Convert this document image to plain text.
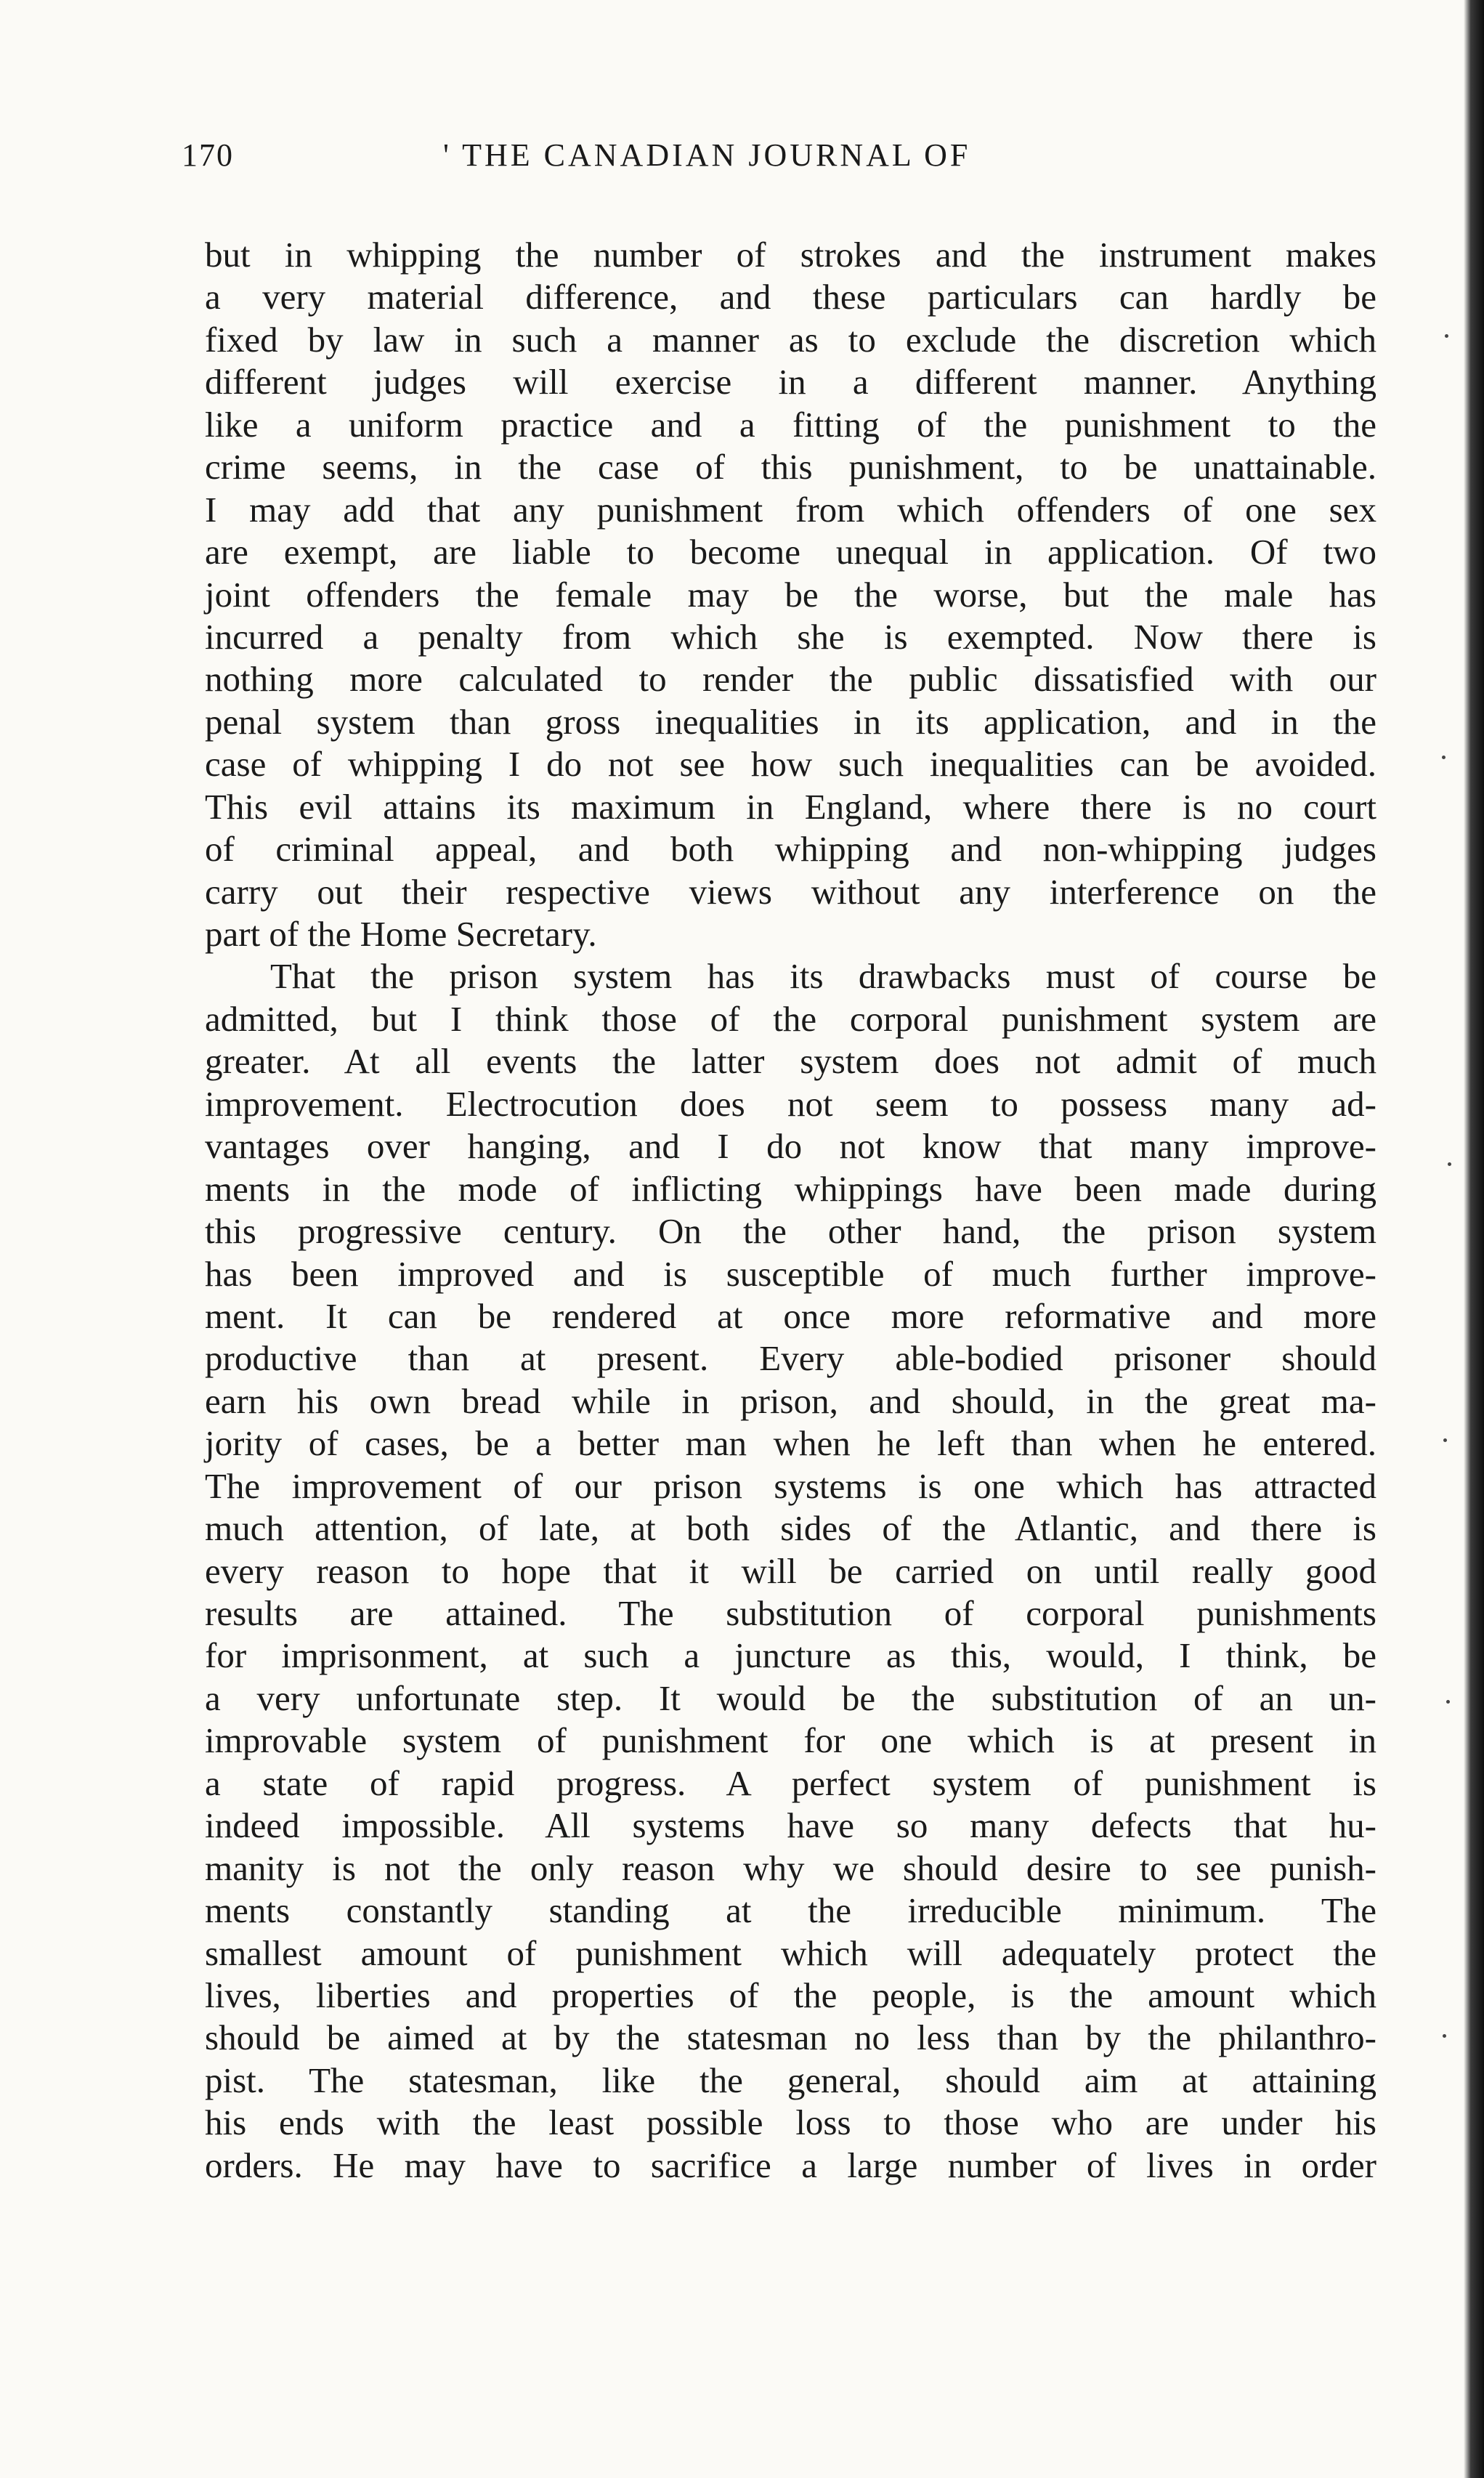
170	' THE CANADIAN JOURNAL OF
but in whipping the number of strokes and the instrument makes
a very material difference, and these particulars can hardly be
fixed by law in such a manner as to exclude the discretion which
different judges will exercise in a different manner. Anything
like a uniform practice and a fitting of the punishment to the
crime seems, in the case of this punishment, to be unattainable.
I may add that any punishment from which offenders of one sex
are exempt, are liable to become unequal in application. Of two
joint offenders the female may be the worse, but the male has
incurred a penalty from which she is exempted. Now there is
nothing more calculated to render the public dissatisfied with our
penal system than gross inequalities in its application, and in the
case of whipping I do not see how such inequalities can be avoided.
This evil attains its maximum in England, where there is no court
of criminal appeal, and both whipping and non-whipping judges
carry out their respective views without any interference on the
part of the Home Secretary.
That the prison system has its drawbacks must of course be
admitted, but I think those of the corporal punishment system are
greater. At all events the latter system does not admit of much
improvement. Electrocution does not seem to possess many ad-
vantages over hanging, and I do not know that many improve-
ments in the mode of inflicting whippings have been made during
this progressive century. On the other hand, the prison system
has been improved and is susceptible of much further improve-
ment. It can be rendered at once more reformative and more
productive than at present. Every able-bodied prisoner should
earn his own bread while in prison, and should, in the great ma-
jority of cases, be a better man when he left than when he entered.
The improvement of our prison systems is one which has attracted
much attention, of late, at both sides of the Atlantic, and there is
every reason to hope that it will be carried on until really good
results are attained. The substitution of corporal punishments
for imprisonment, at such a juncture as this, would, I think, be
a very unfortunate step. It would be the substitution of an un-
improvable system of punishment for one which is at present in
a state of rapid progress. A perfect system of punishment is
indeed impossible. All systems have so many defects that hu-
manity is not the only reason why we should desire to see punish-
ments constantly standing at the irreducible minimum. The
smallest amount of punishment which will adequately protect the
lives, liberties and properties of the people, is the amount which
should be aimed at by the statesman no less than by the philanthro-
pist. The statesman, like the general, should aim at attaining
his ends with the least possible loss to those who are under his
orders. He may have to sacrifice a large number of lives in order
